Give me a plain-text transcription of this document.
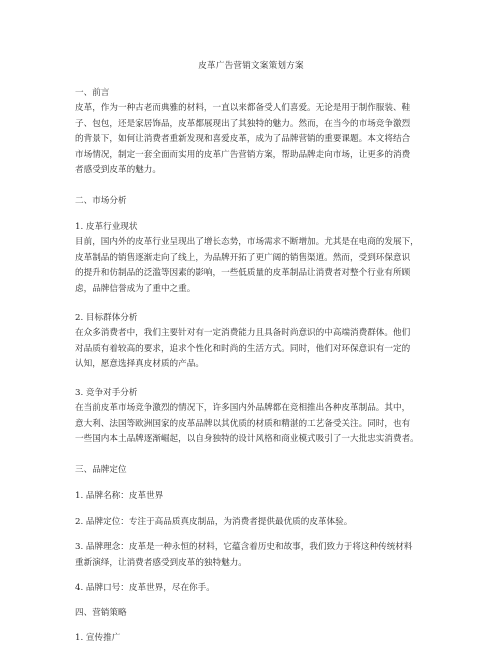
皮革广告营销文案策划方案
一、前言
皮革，作为一种古老而典雅的材料，一直以来都备受人们喜爱。无论是用于制作服装、鞋
子、包包，还是家居饰品，皮革都展现出了其独特的魅力。然而，在当今的市场竞争激烈
的背景下，如何让消费者重新发现和喜爱皮革，成为了品牌营销的重要课题。本文将结合
市场情况，制定一套全面而实用的皮革广告营销方案，帮助品牌走向市场，让更多的消费
者感受到皮革的魅力。
二、市场分析
1. 皮革行业现状
目前，国内外的皮革行业呈现出了增长态势，市场需求不断增加。尤其是在电商的发展下，
皮革制品的销售逐渐走向了线上，为品牌开拓了更广阔的销售渠道。然而，受到环保意识
的提升和仿制品的泛滥等因素的影响，一些低质量的皮革制品让消费者对整个行业有所顾
虑，品牌信誉成为了重中之重。
2. 目标群体分析
在众多消费者中，我们主要针对有一定消费能力且具备时尚意识的中高端消费群体。他们
对品质有着较高的要求，追求个性化和时尚的生活方式。同时，他们对环保意识有一定的
认知，愿意选择真皮材质的产品。
3. 竞争对手分析
在当前皮革市场竞争激烈的情况下，许多国内外品牌都在竞相推出各种皮革制品。其中，
意大利、法国等欧洲国家的皮革品牌以其优质的材质和精湛的工艺备受关注。同时，也有
一些国内本土品牌逐渐崛起，以自身独特的设计风格和商业模式吸引了一大批忠实消费者。
三、品牌定位
1. 品牌名称：皮革世界
2. 品牌定位：专注于高品质真皮制品，为消费者提供最优质的皮革体验。
3. 品牌理念：皮革是一种永恒的材料，它蕴含着历史和故事，我们致力于将这种传统材料
重新演绎，让消费者感受到皮革的独特魅力。
4. 品牌口号：皮革世界，尽在你手。
四、营销策略
1. 宣传推广
